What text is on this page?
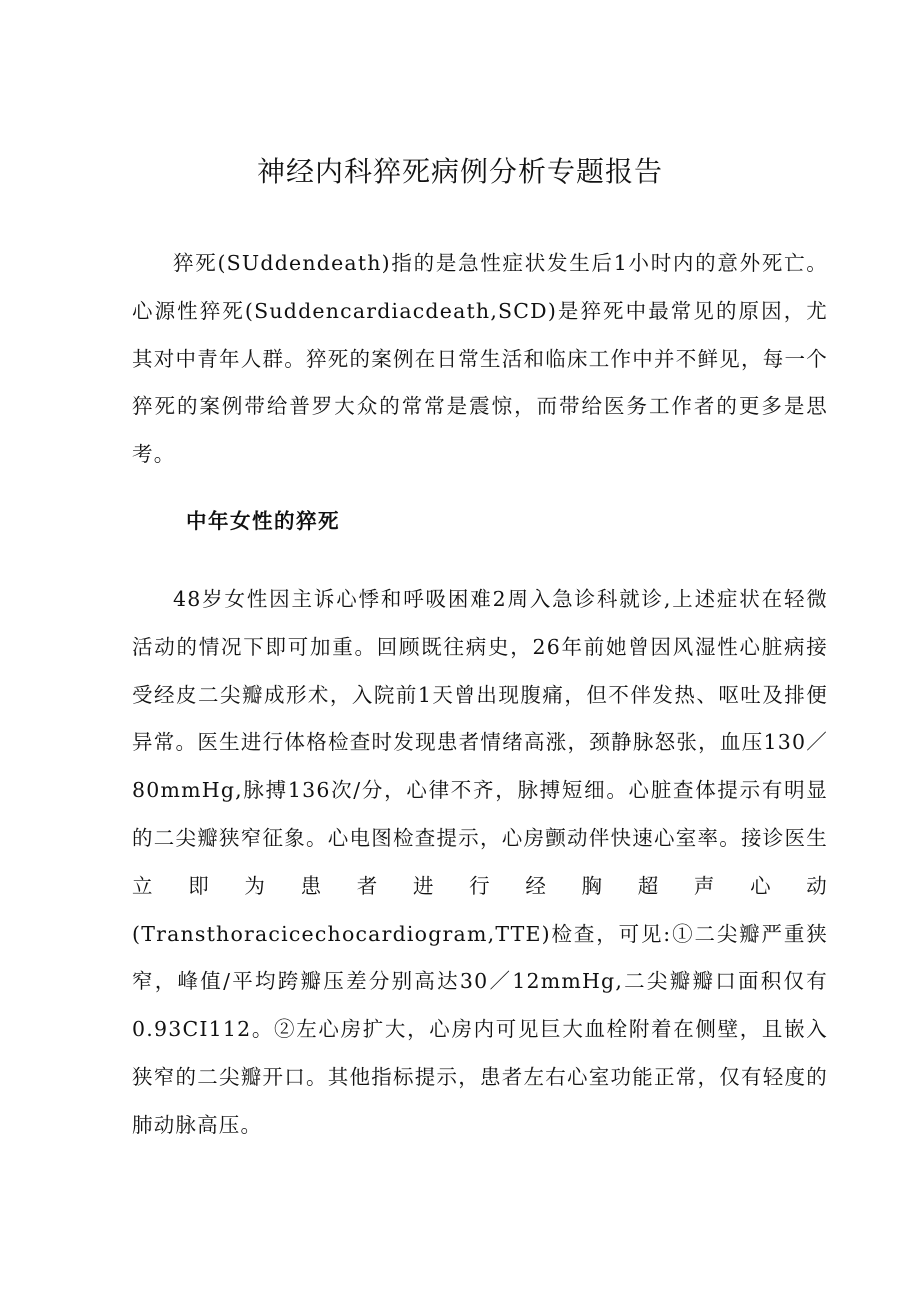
神经内科猝死病例分析专题报告

猝死(SUddendeath)指的是急性症状发生后1小时内的意外死亡。心源性猝死(Suddencardiacdeath,SCD)是猝死中最常见的原因，尤其对中青年人群。猝死的案例在日常生活和临床工作中并不鲜见，每一个猝死的案例带给普罗大众的常常是震惊，而带给医务工作者的更多是思考。

中年女性的猝死

48岁女性因主诉心悸和呼吸困难2周入急诊科就诊,上述症状在轻微活动的情况下即可加重。回顾既往病史，26年前她曾因风湿性心脏病接受经皮二尖瓣成形术，入院前1天曾出现腹痛，但不伴发热、呕吐及排便异常。医生进行体格检查时发现患者情绪高涨，颈静脉怒张，血压130／80mmHg,脉搏136次/分，心律不齐，脉搏短细。心脏查体提示有明显的二尖瓣狭窄征象。心电图检查提示，心房颤动伴快速心室率。接诊医生立即为患者进行经胸超声心动(Transthoracicechocardiogram,TTE)检查，可见:①二尖瓣严重狭窄，峰值/平均跨瓣压差分别高达30／12mmHg,二尖瓣瓣口面积仅有0.93CI112。②左心房扩大，心房内可见巨大血栓附着在侧壁，且嵌入狭窄的二尖瓣开口。其他指标提示，患者左右心室功能正常，仅有轻度的肺动脉高压。
